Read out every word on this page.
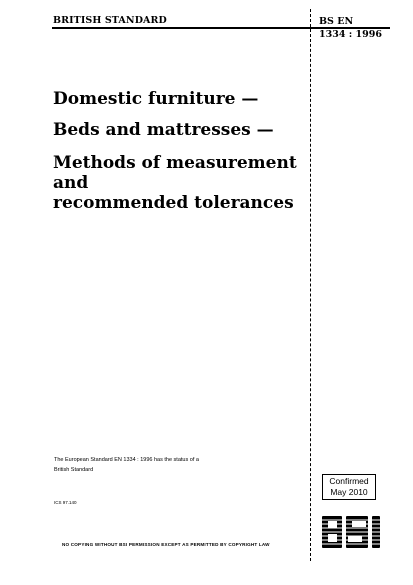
BRITISH STANDARD	BS EN
1334 : 1996
Domestic furniture —
Beds and mattresses —
Methods of measurement and
recommended tolerances
The European Standard EN 1334 : 1996 has the status of a
British Standard
ICS 97.140
Confirmed
May 2010
NO COPYING WITHOUT BSI PERMISSION EXCEPT AS PERMITTED BY COPYRIGHT LAW
